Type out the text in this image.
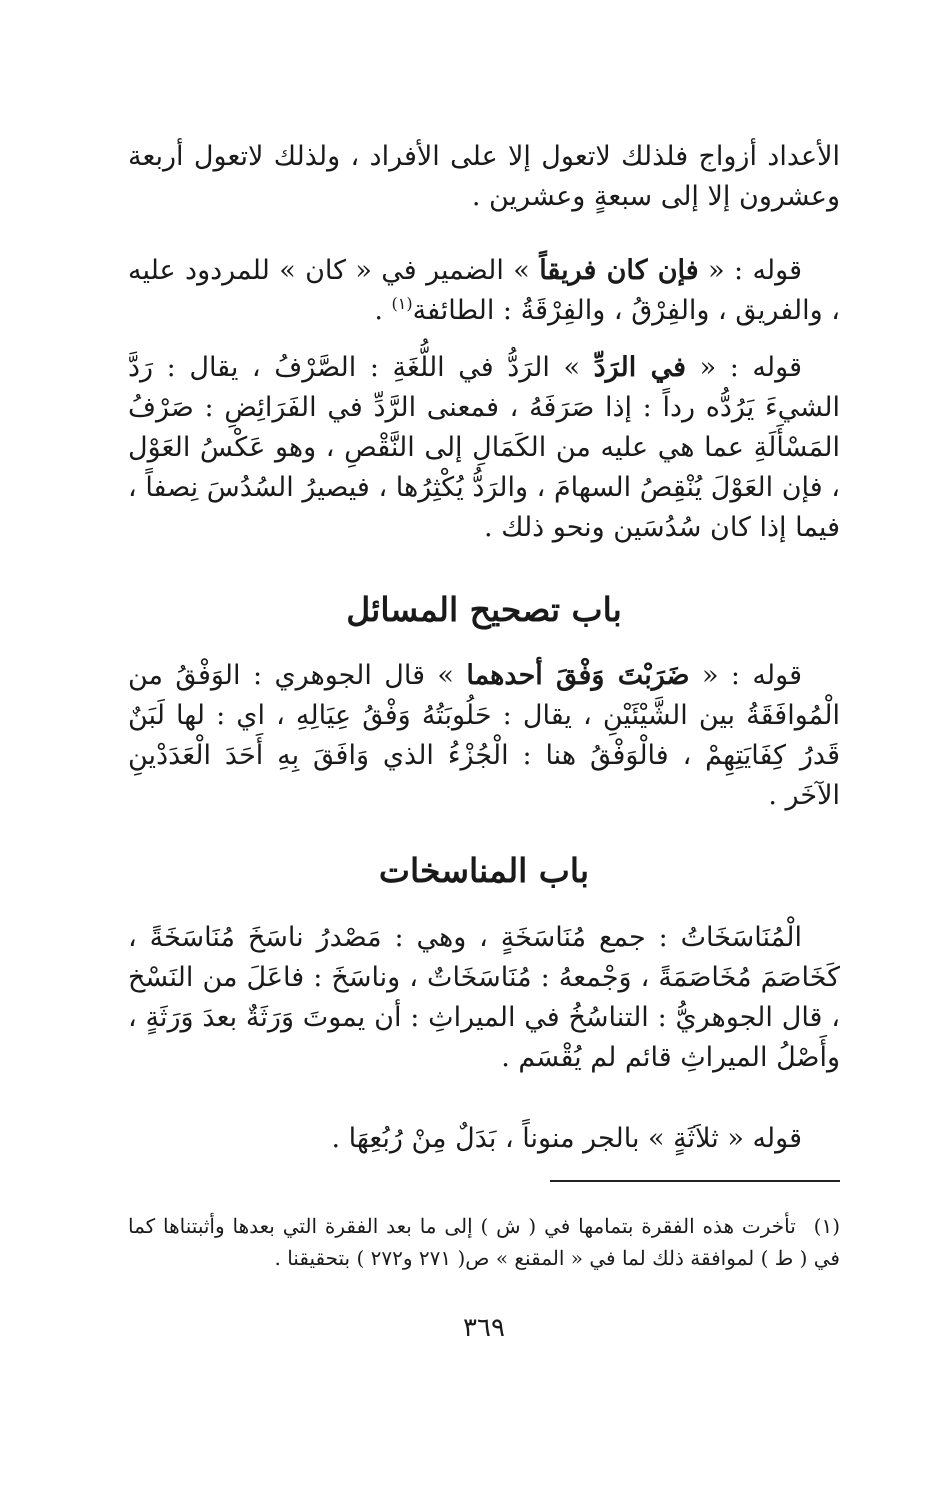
الأعداد أزواج فلذلك لاتعول إلا على الأفراد ، ولذلك لاتعول أربعة وعشرون إلا إلى سبعةٍ وعشرين .

قوله : « فإن كان فريقاً » الضمير في « كان » للمردود عليه ، والفريق ، والفِرْقُ ، والفِرْقَةُ : الطائفة$^{(١)}$ .

قوله : « في الرَدِّ » الرَدُّ في اللُّغَةِ : الصَّرْفُ ، يقال : رَدَّ الشيءَ يَرُدُّه رداً : إذا صَرَفَهُ ، فمعنى الرَّدِّ في الفَرَائِضِ : صَرْفُ المَسْأَلَةِ عما هي عليه من الكَمَالِ إلى النَّقْصِ ، وهو عَكْسُ العَوْل ، فإن العَوْلَ يُنْقِصُ السهامَ ، والرَدُّ يُكْثِرُها ، فيصيرُ السُدُسَ نِصفاً ، فيما إذا كان سُدُسَين ونحو ذلك .

باب تصحيح المسائل

قوله : « ضَرَبْتَ وَفْقَ أحدهما » قال الجوهري : الوَفْقُ من الْمُوافَقَةُ بين الشَّيْئَيْنِ ، يقال : حَلُوبَتُهُ وَفْقُ عِيَالِهِ ، اي : لها لَبَنٌ قَدرُ كِفَايَتِهِمْ ، فالْوَفْقُ هنا : الْجُزْءُ الذي وَافَقَ بِهِ أَحَدَ الْعَدَدْينِ الآخَر .

باب المناسخات

الْمُنَاسَخَاتُ : جمع مُنَاسَخَةٍ ، وهي : مَصْدرُ ناسَخَ مُنَاسَخَةً ، كَخَاصَمَ مُخَاصَمَةً ، وَجْمعهُ : مُنَاسَخَاتٌ ، وناسَخَ : فاعَلَ من النَسْخ ، قال الجوهريُّ : التناسُخُ في الميراثِ : أن يموتَ وَرَثَةٌ بعدَ وَرَثَةٍ ، وأَصْلُ الميراثِ قائم لم يُقْسَم .

قوله « ثلاَثَةٍ » بالجر منوناً ، بَدَلٌ مِنْ رُبُعِهَا .

(١) تأخرت هذه الفقرة بتمامها في ( ش ) إلى ما بعد الفقرة التي بعدها وأثبتناها كما في ( ط ) لموافقة ذلك لما في « المقنع » ص( ٢٧١ و٢٧٢ ) بتحقيقنا .

٣٦٩
